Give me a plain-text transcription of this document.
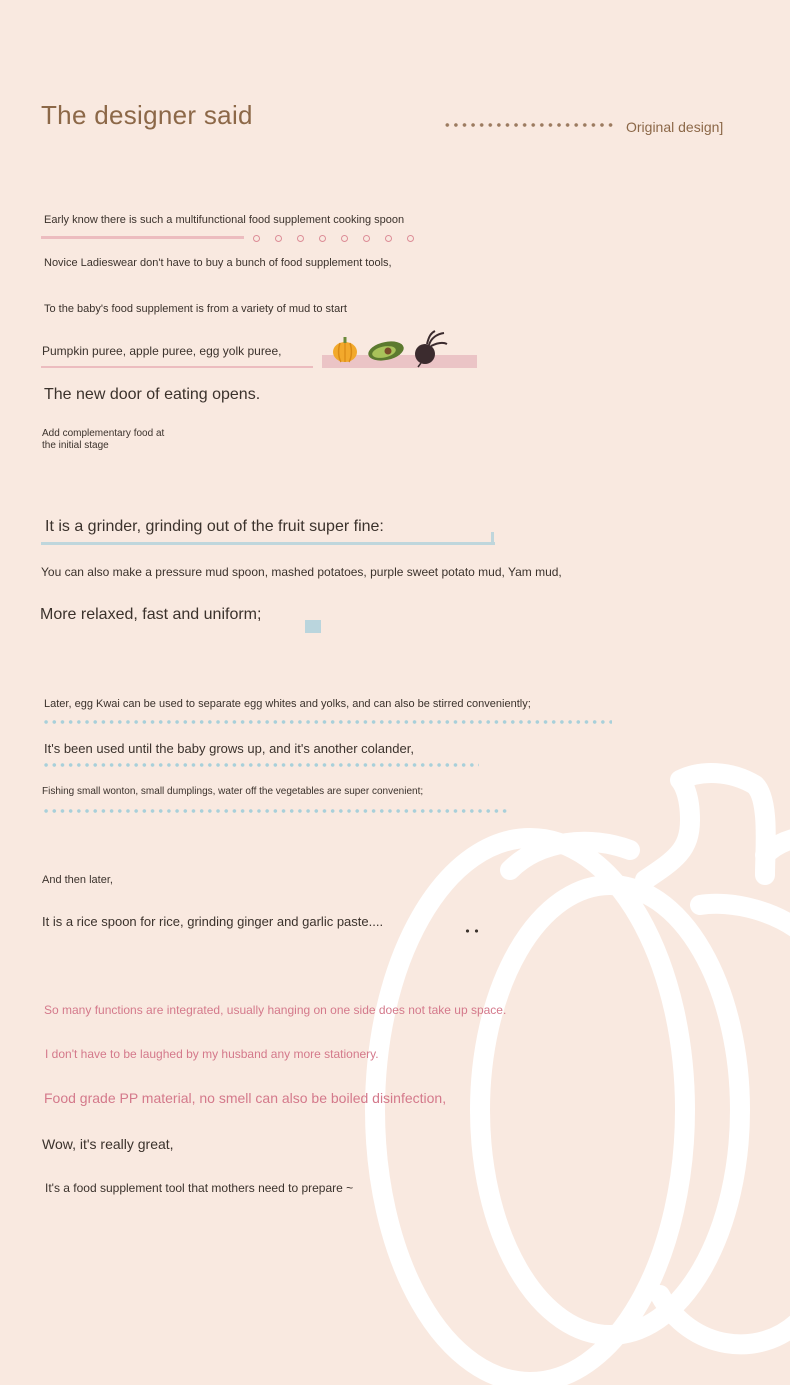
The designer said	Original design]
Early know there is such a multifunctional food supplement cooking spoon
Novice Ladieswear don't have to buy a bunch of food supplement tools,
To the baby's food supplement is from a variety of mud to start
Pumpkin puree, apple puree, egg yolk puree,
The new door of eating opens.
Add complementary food at
the initial stage
It is a grinder, grinding out of the fruit super fine:
You can also make a pressure mud spoon, mashed potatoes, purple sweet potato mud, Yam mud,
More relaxed, fast and uniform;
Later, egg Kwai can be used to separate egg whites and yolks, and can also be stirred conveniently;
It's been used until the baby grows up, and it's another colander,
Fishing small wonton, small dumplings, water off the vegetables are super convenient;
And then later,
It is a rice spoon for rice, grinding ginger and garlic paste....
So many functions are integrated, usually hanging on one side does not take up space.
I don't have to be laughed by my husband any more stationery.
Food grade PP material, no smell can also be boiled disinfection,
Wow, it's really great,
It's a food supplement tool that mothers need to prepare ~
